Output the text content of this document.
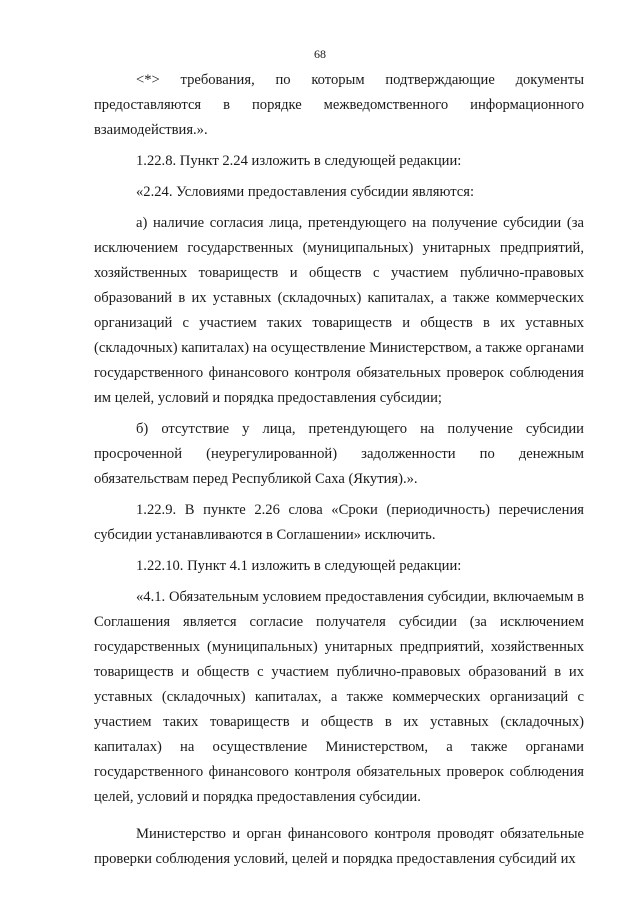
68

<*> требования, по которым подтверждающие документы предоставляются в порядке межведомственного информационного взаимодействия.».

1.22.8. Пункт 2.24 изложить в следующей редакции:

«2.24. Условиями предоставления субсидии являются:

а) наличие согласия лица, претендующего на получение субсидии (за исключением государственных (муниципальных) унитарных предприятий, хозяйственных товариществ и обществ с участием публично-правовых образований в их уставных (складочных) капиталах, а также коммерческих организаций с участием таких товариществ и обществ в их уставных (складочных) капиталах) на осуществление Министерством, а также органами государственного финансового контроля обязательных проверок соблюдения им целей, условий и порядка предоставления субсидии;

б) отсутствие у лица, претендующего на получение субсидии просроченной (неурегулированной) задолженности по денежным обязательствам перед Республикой Саха (Якутия).».

1.22.9. В пункте 2.26 слова «Сроки (периодичность) перечисления субсидии устанавливаются в Соглашении» исключить.

1.22.10. Пункт 4.1 изложить в следующей редакции:

«4.1. Обязательным условием предоставления субсидии, включаемым в Соглашения является согласие получателя субсидии (за исключением государственных (муниципальных) унитарных предприятий, хозяйственных товариществ и обществ с участием публично-правовых образований в их уставных (складочных) капиталах, а также коммерческих организаций с участием таких товариществ и обществ в их уставных (складочных) капиталах) на осуществление Министерством, а также органами государственного финансового контроля обязательных проверок соблюдения целей, условий и порядка предоставления субсидии.

Министерство и орган финансового контроля проводят обязательные проверки соблюдения условий, целей и порядка предоставления субсидий их
